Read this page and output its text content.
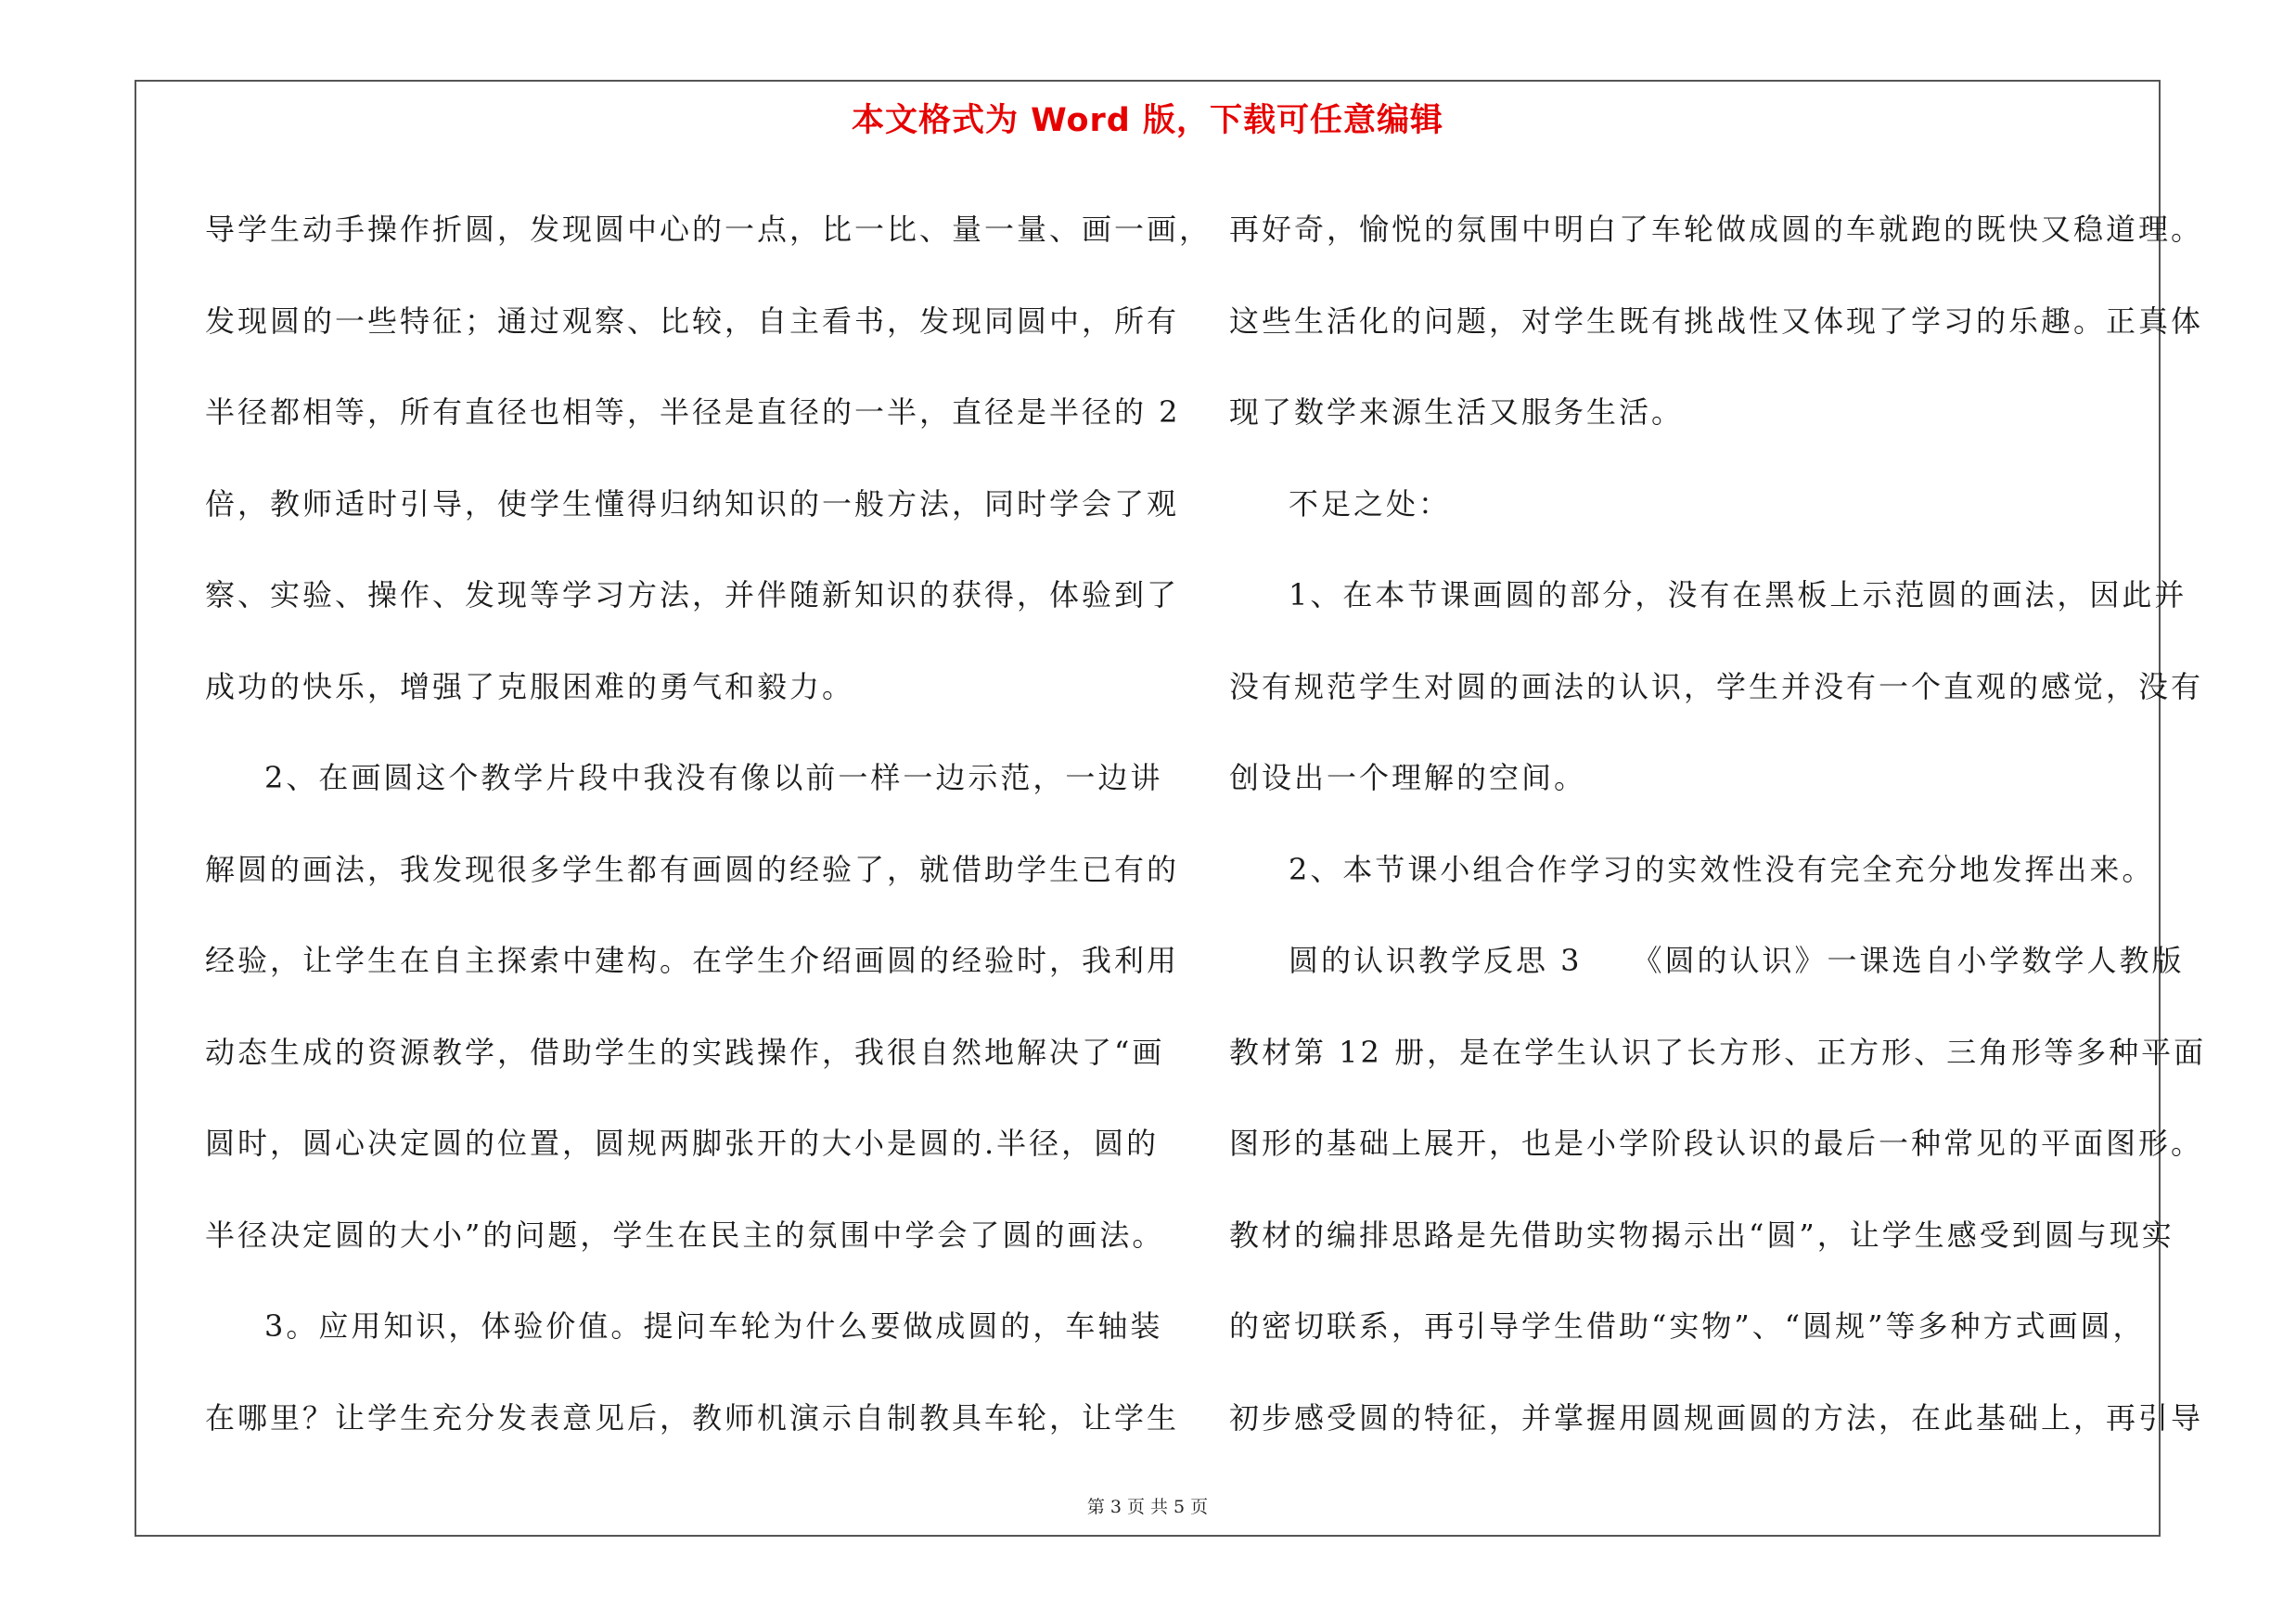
本文格式为 Word 版，下载可任意编辑
导学生动手操作折圆，发现圆中心的一点，比一比、量一量、画一画，
发现圆的一些特征；通过观察、比较，自主看书，发现同圆中，所有
半径都相等，所有直径也相等，半径是直径的一半，直径是半径的 2
倍，教师适时引导，使学生懂得归纳知识的一般方法，同时学会了观
察、实验、操作、发现等学习方法，并伴随新知识的获得，体验到了
成功的快乐，增强了克服困难的勇气和毅力。
2、在画圆这个教学片段中我没有像以前一样一边示范，一边讲
解圆的画法，我发现很多学生都有画圆的经验了，就借助学生已有的
经验，让学生在自主探索中建构。在学生介绍画圆的经验时，我利用
动态生成的资源教学，借助学生的实践操作，我很自然地解决了“画
圆时，圆心决定圆的位置，圆规两脚张开的大小是圆的.半径，圆的
半径决定圆的大小”的问题，学生在民主的氛围中学会了圆的画法。
3。应用知识，体验价值。提问车轮为什么要做成圆的，车轴装
在哪里？让学生充分发表意见后，教师机演示自制教具车轮，让学生
再好奇，愉悦的氛围中明白了车轮做成圆的车就跑的既快又稳道理。
这些生活化的问题，对学生既有挑战性又体现了学习的乐趣。正真体
现了数学来源生活又服务生活。
不足之处：
1、在本节课画圆的部分，没有在黑板上示范圆的画法，因此并
没有规范学生对圆的画法的认识，学生并没有一个直观的感觉，没有
创设出一个理解的空间。
2、本节课小组合作学习的实效性没有完全充分地发挥出来。
圆的认识教学反思 3　　《圆的认识》一课选自小学数学人教版
教材第 12 册，是在学生认识了长方形、正方形、三角形等多种平面
图形的基础上展开，也是小学阶段认识的最后一种常见的平面图形。
教材的编排思路是先借助实物揭示出“圆”，让学生感受到圆与现实
的密切联系，再引导学生借助“实物”、“圆规”等多种方式画圆，
初步感受圆的特征，并掌握用圆规画圆的方法，在此基础上，再引导
第 3 页 共 5 页
